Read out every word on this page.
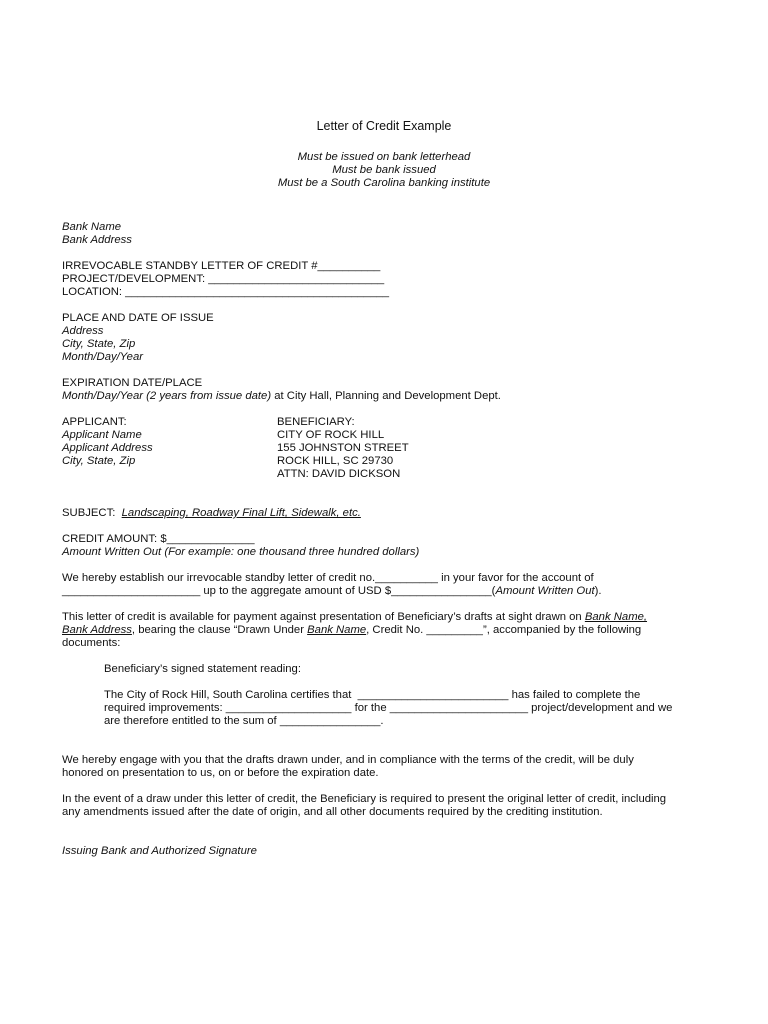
Letter of Credit Example
Must be issued on bank letterhead
Must be bank issued
Must be a South Carolina banking institute
Bank Name
Bank Address
IRREVOCABLE STANDBY LETTER OF CREDIT #__________
PROJECT/DEVELOPMENT: ____________________________
LOCATION: __________________________________________
PLACE AND DATE OF ISSUE
Address
City, State, Zip
Month/Day/Year
EXPIRATION DATE/PLACE
Month/Day/Year (2 years from issue date) at City Hall, Planning and Development Dept.
APPLICANT:
Applicant Name
Applicant Address
City, State, Zip
BENEFICIARY:
CITY OF ROCK HILL
155 JOHNSTON STREET
ROCK HILL, SC 29730
ATTN: DAVID DICKSON
SUBJECT:  Landscaping, Roadway Final Lift, Sidewalk, etc.
CREDIT AMOUNT: $______________
Amount Written Out (For example: one thousand three hundred dollars)
We hereby establish our irrevocable standby letter of credit no.__________ in your favor for the account of
______________________ up to the aggregate amount of USD $________________(Amount Written Out).
This letter of credit is available for payment against presentation of Beneficiary’s drafts at sight drawn on Bank Name,
Bank Address, bearing the clause “Drawn Under Bank Name, Credit No. _________”, accompanied by the following
documents:
Beneficiary’s signed statement reading:
The City of Rock Hill, South Carolina certifies that  ________________________ has failed to complete the
required improvements: ____________________ for the ______________________ project/development and we
are therefore entitled to the sum of ________________.
We hereby engage with you that the drafts drawn under, and in compliance with the terms of the credit, will be duly
honored on presentation to us, on or before the expiration date.
In the event of a draw under this letter of credit, the Beneficiary is required to present the original letter of credit, including
any amendments issued after the date of origin, and all other documents required by the crediting institution.
Issuing Bank and Authorized Signature
